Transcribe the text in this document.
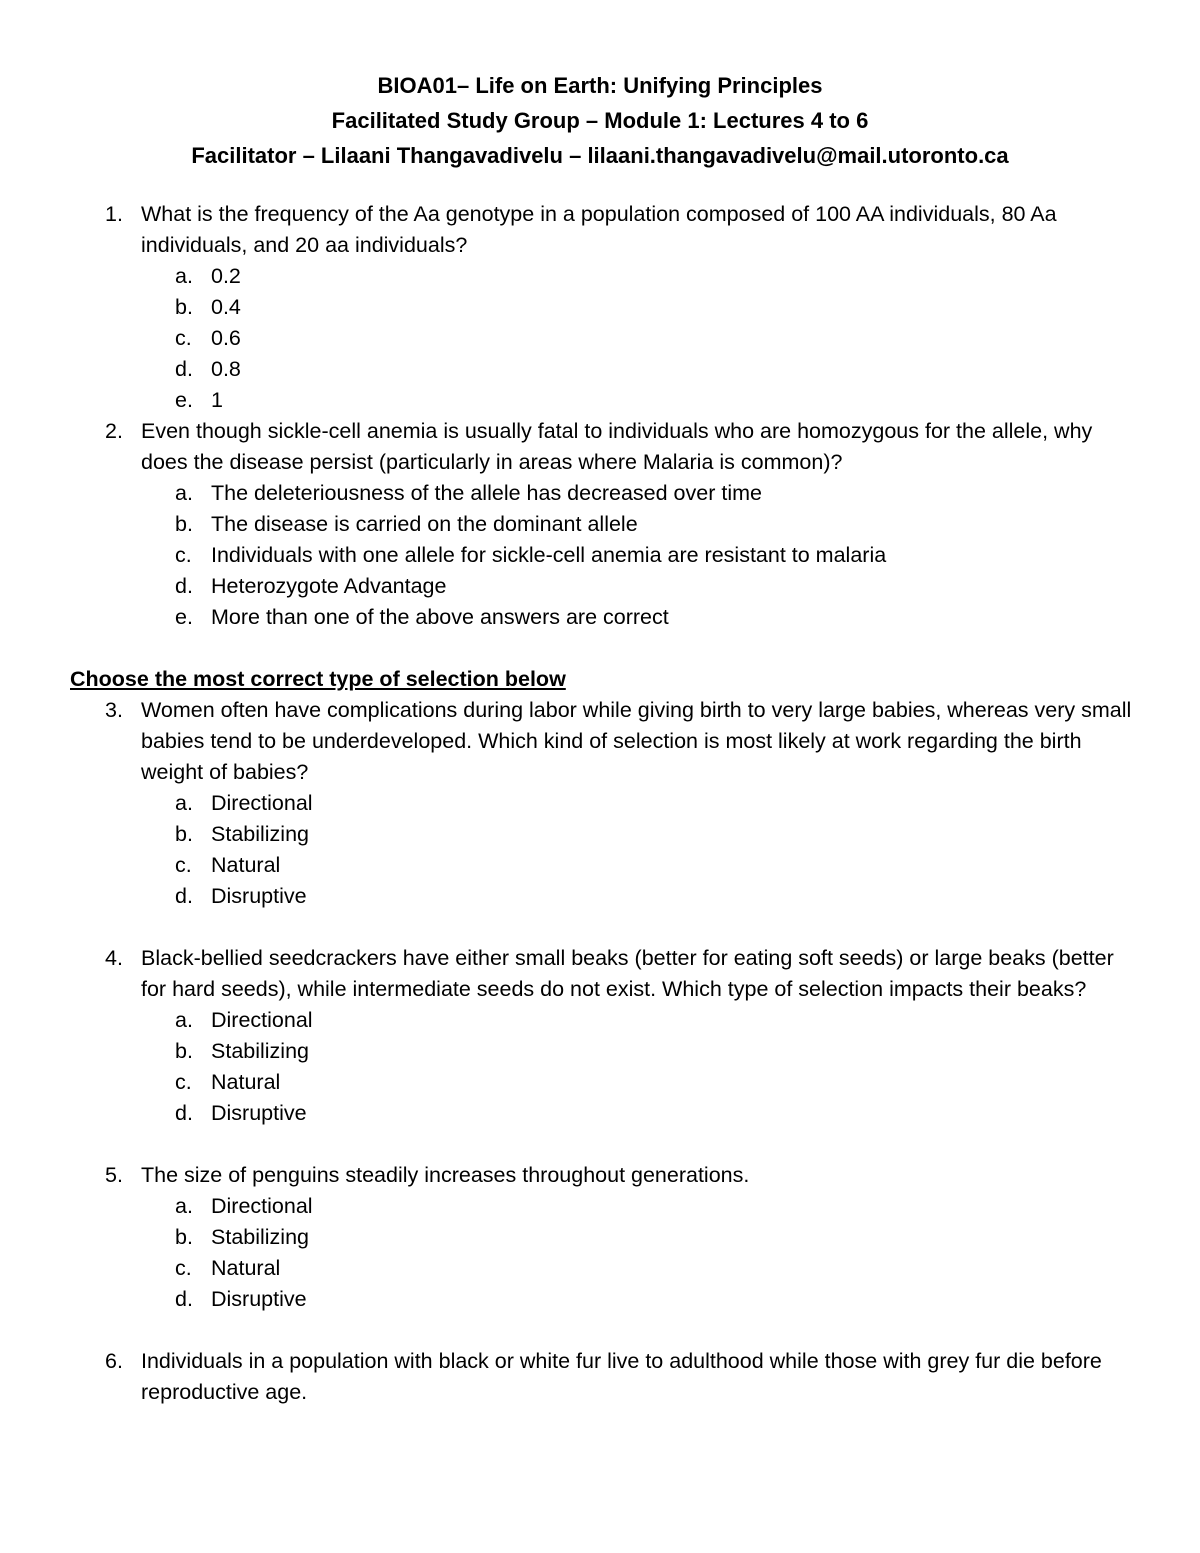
BIOA01– Life on Earth: Unifying Principles
Facilitated Study Group – Module 1: Lectures 4 to 6
Facilitator – Lilaani Thangavadivelu – lilaani.thangavadivelu@mail.utoronto.ca
1. What is the frequency of the Aa genotype in a population composed of 100 AA individuals, 80 Aa individuals, and 20 aa individuals?
a. 0.2
b. 0.4
c. 0.6
d. 0.8
e. 1
2. Even though sickle-cell anemia is usually fatal to individuals who are homozygous for the allele, why does the disease persist (particularly in areas where Malaria is common)?
a. The deleteriousness of the allele has decreased over time
b. The disease is carried on the dominant allele
c. Individuals with one allele for sickle-cell anemia are resistant to malaria
d. Heterozygote Advantage
e. More than one of the above answers are correct
Choose the most correct type of selection below
3. Women often have complications during labor while giving birth to very large babies, whereas very small babies tend to be underdeveloped. Which kind of selection is most likely at work regarding the birth weight of babies?
a. Directional
b. Stabilizing
c. Natural
d. Disruptive
4. Black-bellied seedcrackers have either small beaks (better for eating soft seeds) or large beaks (better for hard seeds), while intermediate seeds do not exist. Which type of selection impacts their beaks?
a. Directional
b. Stabilizing
c. Natural
d. Disruptive
5. The size of penguins steadily increases throughout generations.
a. Directional
b. Stabilizing
c. Natural
d. Disruptive
6. Individuals in a population with black or white fur live to adulthood while those with grey fur die before reproductive age.
